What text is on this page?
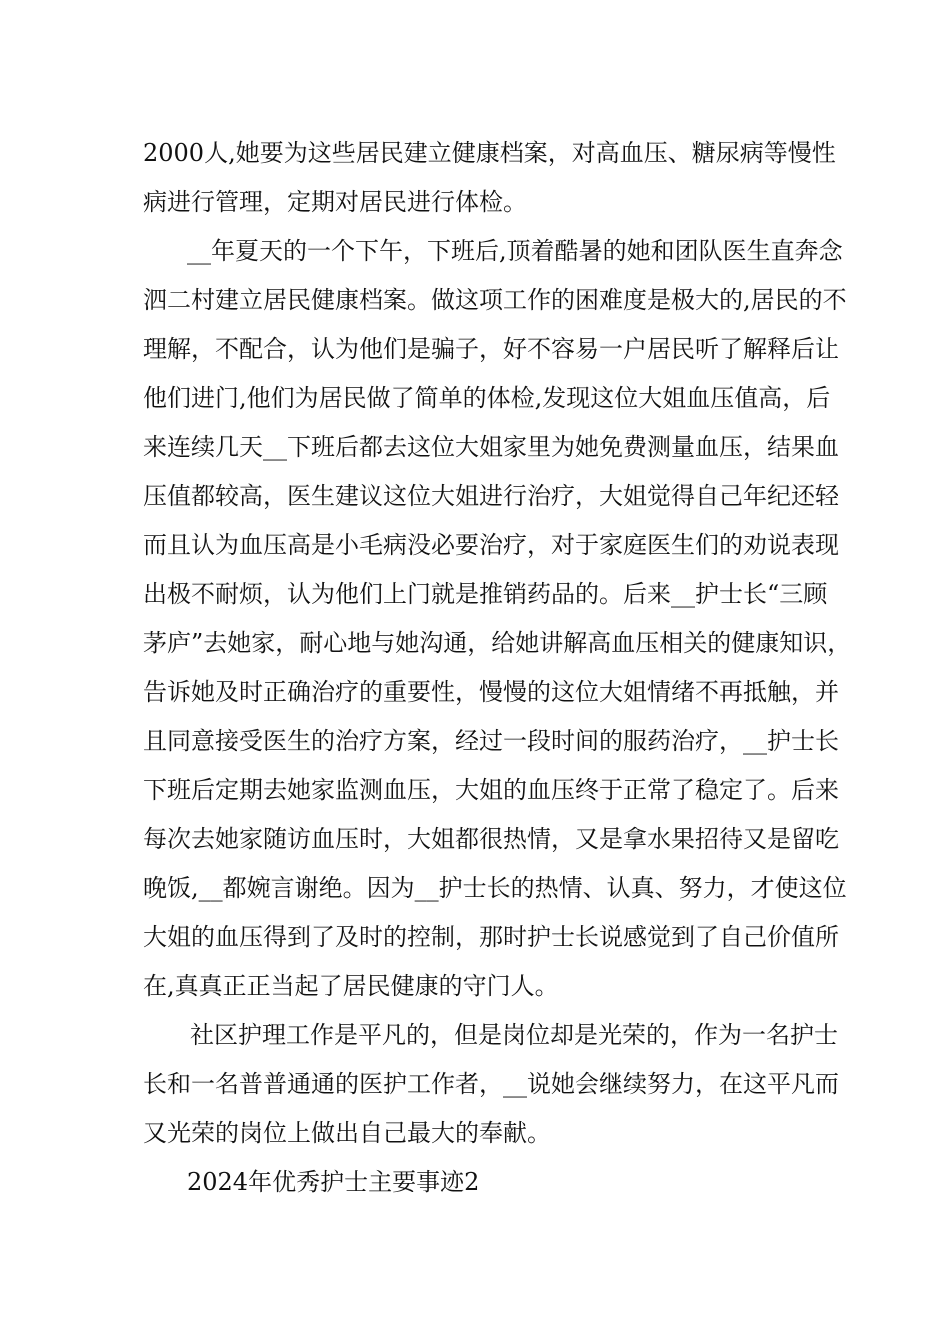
2000人,她要为这些居民建立健康档案，对高血压、糖尿病等慢性

病进行管理，定期对居民进行体检。

__年夏天的一个下午，下班后,顶着酷暑的她和团队医生直奔念

泗二村建立居民健康档案。做这项工作的困难度是极大的,居民的不

理解，不配合，认为他们是骗子，好不容易一户居民听了解释后让

他们进门,他们为居民做了简单的体检,发现这位大姐血压值高，后

来连续几天__下班后都去这位大姐家里为她免费测量血压，结果血

压值都较高，医生建议这位大姐进行治疗，大姐觉得自己年纪还轻

而且认为血压高是小毛病没必要治疗，对于家庭医生们的劝说表现

出极不耐烦，认为他们上门就是推销药品的。后来__护士长“三顾

茅庐”去她家，耐心地与她沟通，给她讲解高血压相关的健康知识，

告诉她及时正确治疗的重要性，慢慢的这位大姐情绪不再抵触，并

且同意接受医生的治疗方案，经过一段时间的服药治疗，__护士长

下班后定期去她家监测血压，大姐的血压终于正常了稳定了。后来

每次去她家随访血压时，大姐都很热情，又是拿水果招待又是留吃

晚饭,__都婉言谢绝。因为__护士长的热情、认真、努力，才使这位

大姐的血压得到了及时的控制，那时护士长说感觉到了自己价值所

在,真真正正当起了居民健康的守门人。

社区护理工作是平凡的，但是岗位却是光荣的，作为一名护士

长和一名普普通通的医护工作者，__说她会继续努力，在这平凡而

又光荣的岗位上做出自己最大的奉献。

2024年优秀护士主要事迹2
